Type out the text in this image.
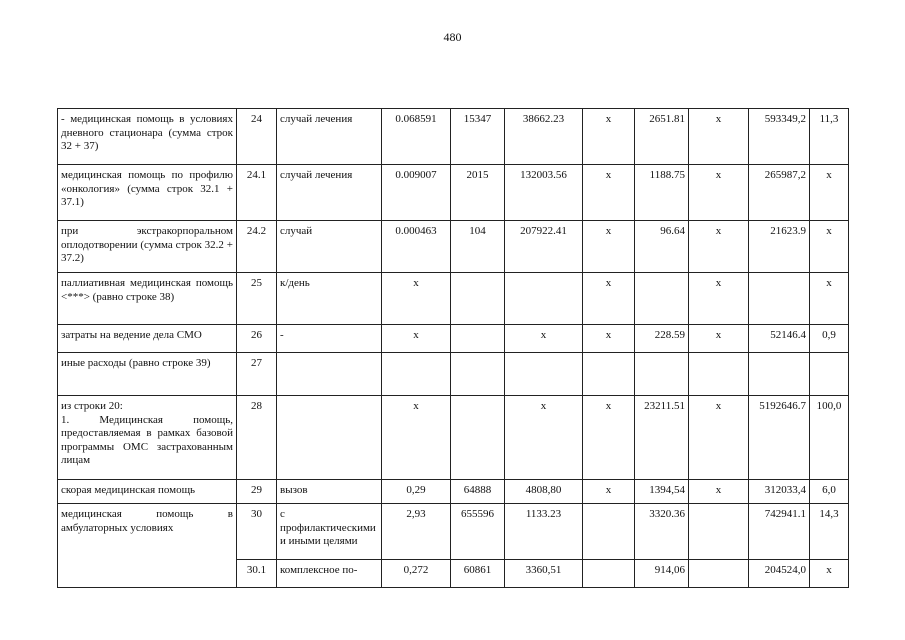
480
- медицинская помощь в условиях дневного стационара (сумма строк 32 + 37)	24	случай лечения	0.068591	15347	38662.23	х	2651.81	х	593349,2	11,3
медицинская помощь по профилю «онкология» (сумма строк 32.1 + 37.1)	24.1	случай лечения	0.009007	2015	132003.56	х	1188.75	х	265987,2	х
при экстракорпоральном оплодотворении (сумма строк 32.2 + 37.2)	24.2	случай	0.000463	104	207922.41	х	96.64	х	21623.9	х
паллиативная медицинская помощь <***> (равно строке 38)	25	к/день	х			х		х		х
затраты на ведение дела СМО	26	-	х		х	х	228.59	х	52146.4	0,9
иные расходы (равно строке 39)	27									
из строки 20:
1. Медицинская помощь, предоставляемая в рамках базовой программы ОМС застрахованным лицам	28		х		х	х	23211.51	х	5192646.7	100,0
скорая медицинская помощь	29	вызов	0,29	64888	4808,80	х	1394,54	х	312033,4	6,0
медицинская помощь в амбулаторных условиях	30	с профилактическими и иными целями	2,93	655596	1133.23		3320.36		742941.1	14,3
	30.1	комплексное по-	0,272	60861	3360,51		914,06		204524,0	х
